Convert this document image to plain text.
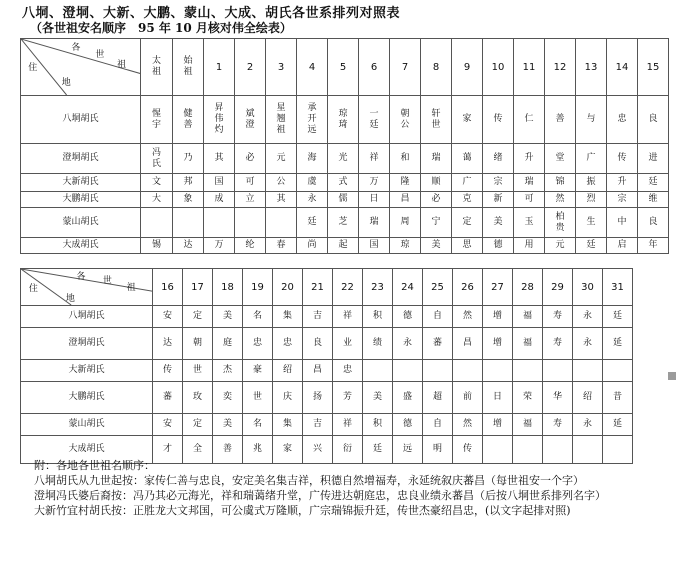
八垌、澄垌、大新、大鹏、蒙山、大成、胡氏各世系排列对照表
（各世祖安名顺序　95 年 10 月核对伟全绘表）
各
世
祖
住
地	太祖	始祖	1	2	3	4	5	6	7	8	9	10	11	12	13	14	15
八垌胡氏	惺宇	健善	昇伟灼	斌澄	星翘祖	承开远	琼琦	一廷	朝公	轩世	家	传	仁	善	与	忠	良
澄垌胡氏	冯氏	乃	其	必	元	海	光	祥	和	瑞	蔼	绪	升	堂	广	传	进
大新胡氏	文	邦	国	可	公	虞	式	万	隆	顺	广	宗	瑞	锦	振	升	廷
大鹏胡氏	大	象	成	立	其	永	儒	日	昌	必	克	新	可	然	烈	宗	维
蒙山胡氏						廷	芝	瑞	周	宁	定	美	玉	柏贵	生	中	良
大成胡氏	锡	达	万	纶	春	尚	起	国	琼	美	思	德	用	元	廷	启	年
各 世
祖
住
地	16	17	18	19	20	21	22	23	24	25	26	27	28	29	30	31
八垌胡氏	安	定	美	名	集	吉	祥	积	德	自	然	增	福	寿	永	廷
澄垌胡氏	达	朝	庭	忠	忠	良	业	绩	永	蕃	昌	增	福	寿	永	延
大新胡氏	传	世	杰	豪	绍	昌	忠									
大鹏胡氏	蕃	玫	奕	世	庆	扬	芳	美	盛	超	前	日	荣	华	绍	昔
蒙山胡氏	安	定	美	名	集	吉	祥	积	德	自	然	增	福	寿	永	延
大成胡氏	才	全	善	兆	家	兴	衍	廷	远	明	传					

附：各地各世祖名顺序：

八垌胡氏从九世起按：家传仁善与忠良，安定美名集吉祥，积德自然增福寿，永延统叙庆蕃昌（每世祖安一个字）

澄垌冯氏婆后裔按：冯乃其必元海光，祥和瑞蔼绪升堂，广传进达朝庭忠，忠良业绩永蕃昌（后按八垌世系排列名字）

大新竹宜村胡氏按：正胜龙大文邦国，可公虞式万隆顺，广宗瑞锦振升廷，传世杰豪绍昌忠，(以文字起排对照)
